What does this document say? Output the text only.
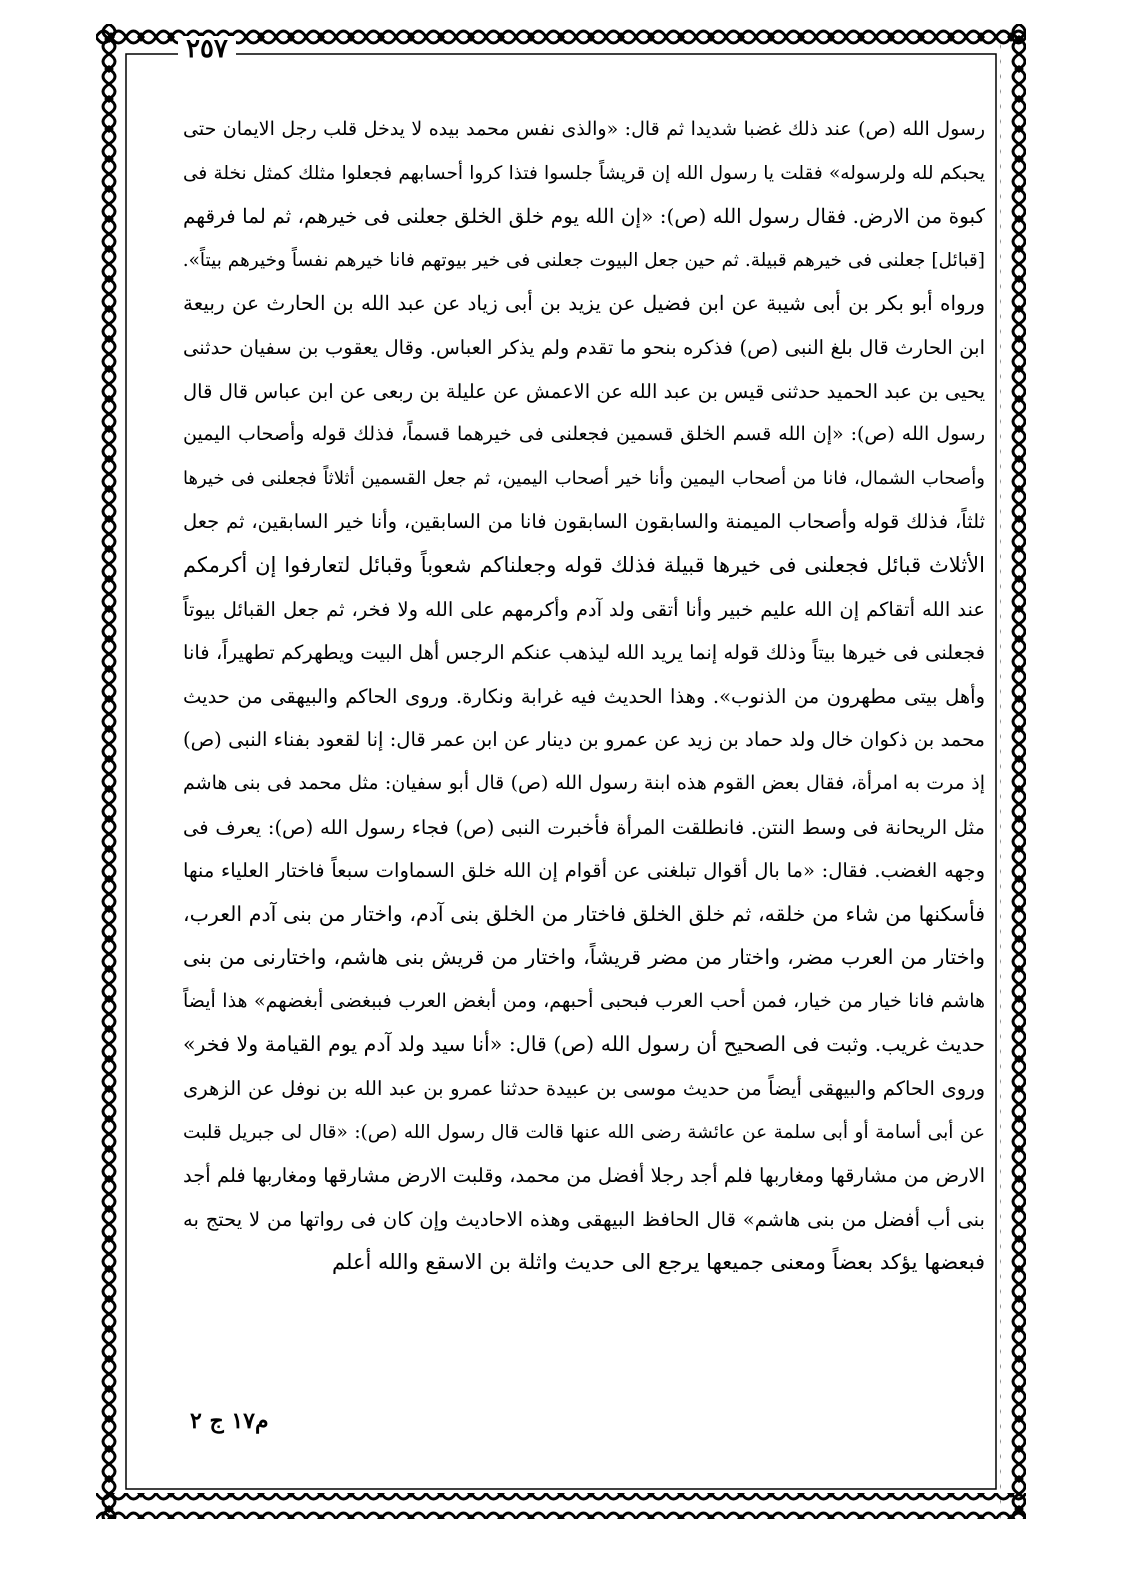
٢٥٧
رسول الله (ص) عند ذلك غضبا شديدا ثم قال: «والذى نفس محمد بيده لا يدخل قلب رجل الايمان حتى
يحبكم لله ولرسوله» فقلت يا رسول الله إن قريشاً جلسوا فتذا كروا أحسابهم فجعلوا مثلك كمثل نخلة فى
كبوة من الارض. فقال رسول الله (ص): «إن الله يوم خلق الخلق جعلنى فى خيرهم، ثم لما فرقهم
[قبائل] جعلنى فى خيرهم قبيلة. ثم حين جعل البيوت جعلنى فى خير بيوتهم فانا خيرهم نفساً وخيرهم بيتاً».
ورواه أبو بكر بن أبى شيبة عن ابن فضيل عن يزيد بن أبى زياد عن عبد الله بن الحارث عن ربيعة
ابن الحارث قال بلغ النبى (ص) فذكره بنحو ما تقدم ولم يذكر العباس. وقال يعقوب بن سفيان حدثنى
يحيى بن عبد الحميد حدثنى قيس بن عبد الله عن الاعمش عن عليلة بن ربعى عن ابن عباس قال قال
رسول الله (ص): «إن الله قسم الخلق قسمين فجعلنى فى خيرهما قسماً، فذلك قوله وأصحاب اليمين
وأصحاب الشمال، فانا من أصحاب اليمين وأنا خير أصحاب اليمين، ثم جعل القسمين أثلاثاً فجعلنى فى خيرها
ثلثاً، فذلك قوله وأصحاب الميمنة والسابقون السابقون فانا من السابقين، وأنا خير السابقين، ثم جعل
الأثلاث قبائل فجعلنى فى خيرها قبيلة فذلك قوله وجعلناكم شعوباً وقبائل لتعارفوا إن أكرمكم
عند الله أتقاكم إن الله عليم خبير وأنا أتقى ولد آدم وأكرمهم على الله ولا فخر، ثم جعل القبائل بيوتاً
فجعلنى فى خيرها بيتاً وذلك قوله إنما يريد الله ليذهب عنكم الرجس أهل البيت ويطهركم تطهيراً، فانا
وأهل بيتى مطهرون من الذنوب». وهذا الحديث فيه غرابة ونكارة. وروى الحاكم والبيهقى من حديث
محمد بن ذكوان خال ولد حماد بن زيد عن عمرو بن دينار عن ابن عمر قال: إنا لقعود بفناء النبى (ص)
إذ مرت به امرأة، فقال بعض القوم هذه ابنة رسول الله (ص) قال أبو سفيان: مثل محمد فى بنى هاشم
مثل الريحانة فى وسط النتن. فانطلقت المرأة فأخبرت النبى (ص) فجاء رسول الله (ص): يعرف فى
وجهه الغضب. فقال: «ما بال أقوال تبلغنى عن أقوام إن الله خلق السماوات سبعاً فاختار العلياء منها
فأسكنها من شاء من خلقه، ثم خلق الخلق فاختار من الخلق بنى آدم، واختار من بنى آدم العرب،
واختار من العرب مضر، واختار من مضر قريشاً، واختار من قريش بنى هاشم، واختارنى من بنى
هاشم فانا خيار من خيار، فمن أحب العرب فبحبى أحبهم، ومن أبغض العرب فببغضى أبغضهم» هذا أيضاً
حديث غريب. وثبت فى الصحيح أن رسول الله (ص) قال: «أنا سيد ولد آدم يوم القيامة ولا فخر»
وروى الحاكم والبيهقى أيضاً من حديث موسى بن عبيدة حدثنا عمرو بن عبد الله بن نوفل عن الزهرى
عن أبى أسامة أو أبى سلمة عن عائشة رضى الله عنها قالت قال رسول الله (ص): «قال لى جبريل قلبت
الارض من مشارقها ومغاربها فلم أجد رجلا أفضل من محمد، وقلبت الارض مشارقها ومغاربها فلم أجد
بنى أب أفضل من بنى هاشم» قال الحافظ البيهقى وهذه الاحاديث وإن كان فى رواتها من لا يحتج به
فبعضها يؤكد بعضاً ومعنى جميعها يرجع الى حديث واثلة بن الاسقع والله أعلم
م١٧ ج ٢
